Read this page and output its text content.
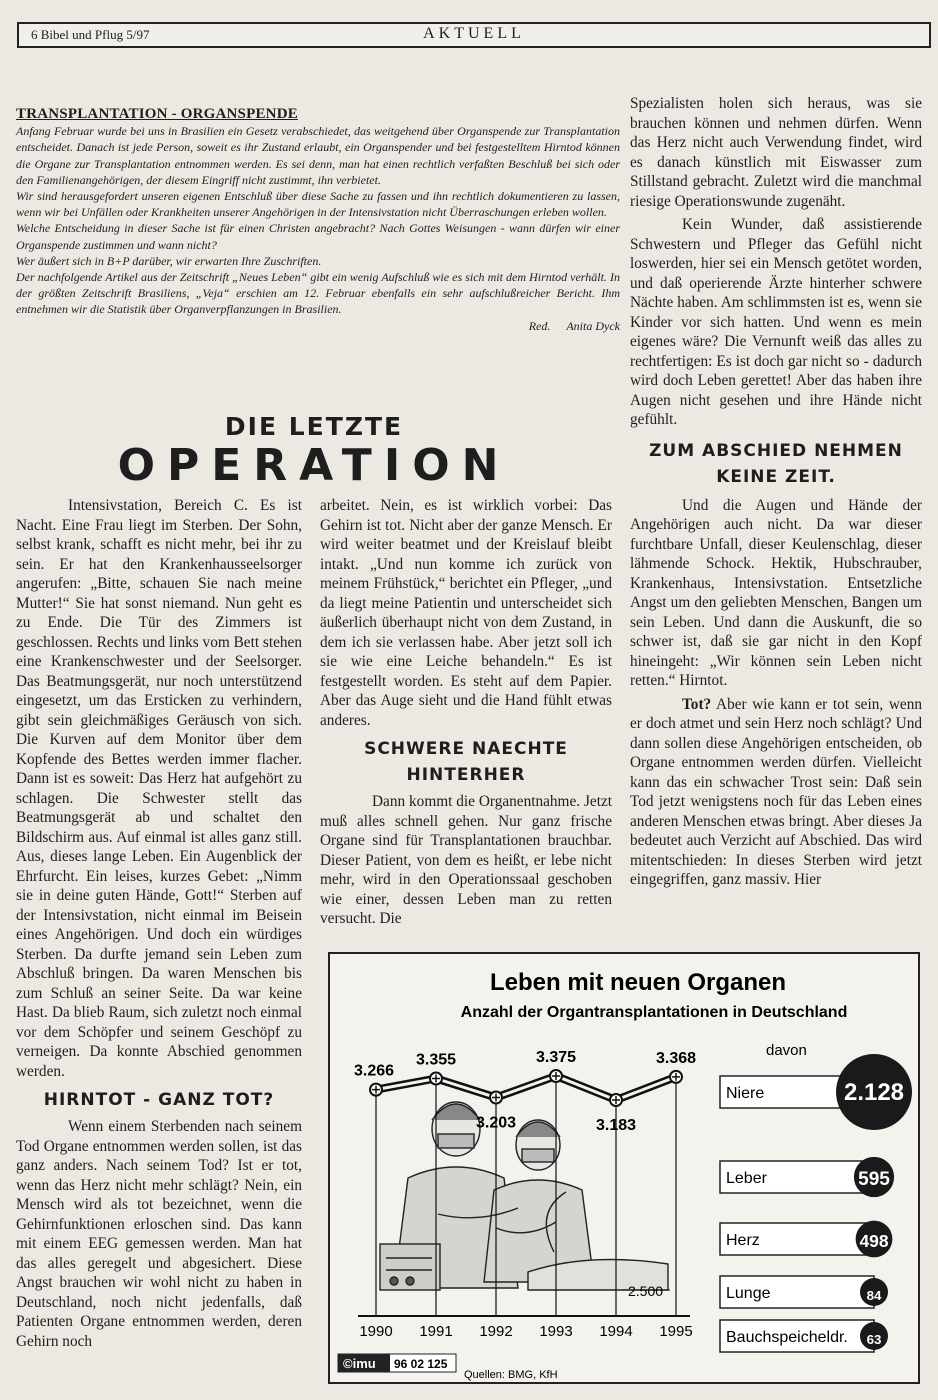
6 Bibel und Pflug 5/97	AKTUELL
TRANSPLANTATION - ORGANSPENDE

Anfang Februar wurde bei uns in Brasilien ein Gesetz verabschiedet, das weitgehend über Organspende zur Transplantation entscheidet. Danach ist jede Person, soweit es ihr Zustand erlaubt, ein Organspender und bei festgestelltem Hirntod können die Organe zur Transplantation entnommen werden. Es sei denn, man hat einen rechtlich verfaßten Beschluß bei sich oder den Familienangehörigen, der diesem Eingriff nicht zustimmt, ihn verbietet.

Wir sind herausgefordert unseren eigenen Entschluß über diese Sache zu fassen und ihn rechtlich dokumentieren zu lassen, wenn wir bei Unfällen oder Krankheiten unserer Angehörigen in der Intensivstation nicht Überraschungen erleben wollen.

Welche Entscheidung in dieser Sache ist für einen Christen angebracht? Nach Gottes Weisungen - wann dürfen wir einer Organspende zustimmen und wann nicht?

Wer äußert sich in B+P darüber, wir erwarten Ihre Zuschriften.

Der nachfolgende Artikel aus der Zeitschrift „Neues Leben“ gibt ein wenig Aufschluß wie es sich mit dem Hirntod verhält. In der größten Zeitschrift Brasiliens, „Veja“ erschien am 12. Februar ebenfalls ein sehr aufschlußreicher Bericht. Ihm entnehmen wir die Statistik über Organverpflanzungen in Brasilien.

Red. Anita Dyck
DIE LETZTE
OPERATION

Intensivstation, Bereich C. Es ist Nacht. Eine Frau liegt im Sterben. Der Sohn, selbst krank, schafft es nicht mehr, bei ihr zu sein. Er hat den Krankenhausseelsorger angerufen: „Bitte, schauen Sie nach meine Mutter!“ Sie hat sonst niemand. Nun geht es zu Ende. Die Tür des Zimmers ist geschlossen. Rechts und links vom Bett stehen eine Krankenschwester und der Seelsorger. Das Beatmungsgerät, nur noch unterstützend eingesetzt, um das Ersticken zu verhindern, gibt sein gleichmäßiges Geräusch von sich. Die Kurven auf dem Monitor über dem Kopfende des Bettes werden immer flacher. Dann ist es soweit: Das Herz hat aufgehört zu schlagen. Die Schwester stellt das Beatmungsgerät ab und schaltet den Bildschirm aus. Auf einmal ist alles ganz still. Aus, dieses lange Leben. Ein Augenblick der Ehrfurcht. Ein leises, kurzes Gebet: „Nimm sie in deine guten Hände, Gott!“ Sterben auf der Intensivstation, nicht einmal im Beisein eines Angehörigen. Und doch ein würdiges Sterben. Da durfte jemand sein Leben zum Abschluß bringen. Da waren Menschen bis zum Schluß an seiner Seite. Da war keine Hast. Da blieb Raum, sich zuletzt noch einmal vor dem Schöpfer und seinem Geschöpf zu verneigen. Da konnte Abschied genommen werden.

HIRNTOT - GANZ TOT?

Wenn einem Sterbenden nach seinem Tod Organe entnommen werden sollen, ist das ganz anders. Nach seinem Tod? Ist er tot, wenn das Herz nicht mehr schlägt? Nein, ein Mensch wird als tot bezeichnet, wenn die Gehirnfunktionen erloschen sind. Das kann mit einem EEG gemessen werden. Man hat das alles geregelt und abgesichert. Diese Angst brauchen wir wohl nicht zu haben in Deutschland, noch nicht jedenfalls, daß Patienten Organe entnommen werden, deren Gehirn noch

arbeitet. Nein, es ist wirklich vorbei: Das Gehirn ist tot. Nicht aber der ganze Mensch. Er wird weiter beatmet und der Kreislauf bleibt intakt. „Und nun komme ich zurück von meinem Frühstück,“ berichtet ein Pfleger, „und da liegt meine Patientin und unterscheidet sich äußerlich überhaupt nicht von dem Zustand, in dem ich sie verlassen habe. Aber jetzt soll ich sie wie eine Leiche behandeln.“ Es ist festgestellt worden. Es steht auf dem Papier. Aber das Auge sieht und die Hand fühlt etwas anderes.

SCHWERE NAECHTE HINTERHER

Dann kommt die Organentnahme. Jetzt muß alles schnell gehen. Nur ganz frische Organe sind für Transplantationen brauchbar. Dieser Patient, von dem es heißt, er lebe nicht mehr, wird in den Operationssaal geschoben wie einer, dessen Leben man zu retten versucht. Die

Spezialisten holen sich heraus, was sie brauchen können und nehmen dürfen. Wenn das Herz nicht auch Verwendung findet, wird es danach künstlich mit Eiswasser zum Stillstand gebracht. Zuletzt wird die manchmal riesige Operationswunde zugenäht.

Kein Wunder, daß assistierende Schwestern und Pfleger das Gefühl nicht loswerden, hier sei ein Mensch getötet worden, und daß operierende Ärzte hinterher schwere Nächte haben. Am schlimmsten ist es, wenn sie Kinder vor sich hatten. Und wenn es mein eigenes wäre? Die Vernunft weiß das alles zu rechtfertigen: Es ist doch gar nicht so - dadurch wird doch Leben gerettet! Aber das haben ihre Augen nicht gesehen und ihre Hände nicht gefühlt.

ZUM ABSCHIED NEHMEN KEINE ZEIT.

Und die Augen und Hände der Angehörigen auch nicht. Da war dieser furchtbare Unfall, dieser Keulenschlag, dieser lähmende Schock. Hektik, Hubschrauber, Krankenhaus, Intensivstation. Entsetzliche Angst um den geliebten Menschen, Bangen um sein Leben. Und dann die Auskunft, die so schwer ist, daß sie gar nicht in den Kopf hineingeht: „Wir können sein Leben nicht retten.“ Hirntot.

Tot? Aber wie kann er tot sein, wenn er doch atmet und sein Herz noch schlägt? Und dann sollen diese Angehörigen entscheiden, ob Organe entnommen werden dürfen. Vielleicht kann das ein schwacher Trost sein: Daß sein Tod jetzt wenigstens noch für das Leben eines anderen Menschen etwas bringt. Aber dieses Ja bedeutet auch Verzicht auf Abschied. Das wird mitentschieden: In dieses Sterben wird jetzt eingegriffen, ganz massiv. Hier

Leben mit neuen Organen
Anzahl der Organtransplantationen in Deutschland
davon
1990 1991 1992 1993 1994 1995
2.500
3.266
3.355
3.203
3.375
3.183
3.368
Niere	2.128
Leber	595
Herz	498
Lunge	84
Bauchspeicheldr. 63
©imu 96 02 125
Quellen: BMG, KfH
